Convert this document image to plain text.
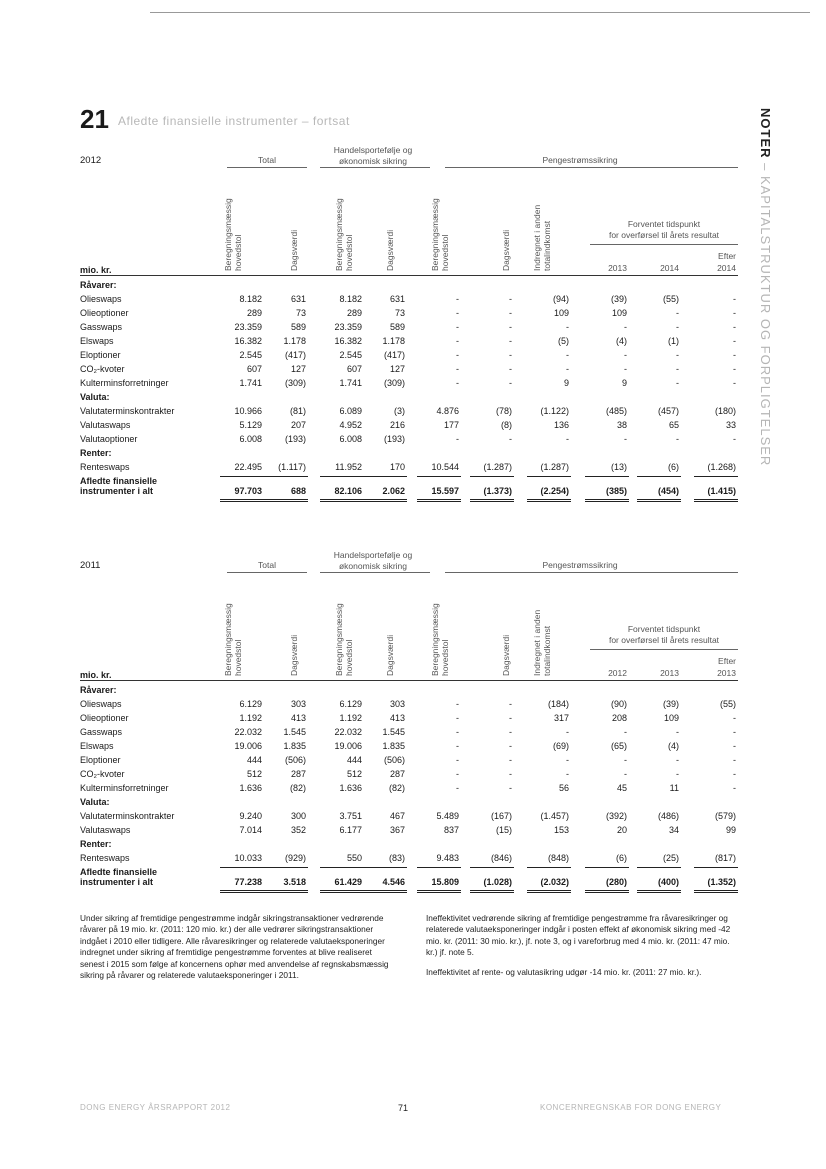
21 Afledte finansielle instrumenter – fortsat	NOTER – KAPITALSTRUKTUR OG FORPLIGTELSER
2012	Total
Handelsportefølje og
økonomisk sikring	Pengestrømssikring
Beregningsmæssig
hovedstol	Dagsværdi	Beregningsmæssig
hovedstol	Dagsværdi	Beregningsmæssig
hovedstol	Dagsværdi Indregnet i anden
totalindkomst	Forventet tidspunkt
for overførsel til årets resultat
Efter
mio. kr.	2013	2014	2014
Råvarer:
Olieswaps	8.182	631	8.182	631	-	-	(94)	(39)	(55)	-
Olieoptioner	289	73	289	73	-	-	109	109	-	-
Gasswaps	23.359	589	23.359	589	-	-	-	-	-	-
Elswaps	16.382 1.178	16.382 1.178	-	-	(5)	(4)	(1)	-
Eloptioner	2.545	(417)	2.545 (417)	-	-	-	-	-	-
CO₂-kvoter	607	127	607	127	-	-	-	-	-	-
Kulterminsforretninger	1.741	(309)	1.741 (309)	-	-	9	9	-	-
Valuta:
Valutaterminskontrakter	10.966	(81)	6.089	(3)	4.876	(78)	(1.122)	(485)	(457)	(180)
Valutaswaps	5.129	207	4.952	216	177	(8)	136	38	65	33
Valutaoptioner	6.008	(193)	6.008 (193)	-	-	-	-	-	-
Renter:
Renteswaps	22.495 (1.117)	11.952	170	10.544	(1.287)	(1.287)	(13)	(6)	(1.268)
Afledte finansielle
instrumenter i alt	97.703	688	82.106 2.062	15.597	(1.373)	(2.254)	(385)	(454)	(1.415)
2011	Total
Handelsportefølje og
økonomisk sikring	Pengestrømssikring
Beregningsmæssig
hovedstol	Dagsværdi	Beregningsmæssig
hovedstol	Dagsværdi	Beregningsmæssig
hovedstol	Dagsværdi Indregnet i anden
totalindkomst	Forventet tidspunkt
for overførsel til årets resultat
Efter
mio. kr.	2012	2013	2013
Råvarer:
Olieswaps	6.129	303	6.129	303	-	-	(184)	(90)	(39)	(55)
Olieoptioner	1.192	413	1.192	413	-	-	317	208	109	-
Gasswaps	22.032 1.545	22.032 1.545	-	-	-	-	-	-
Elswaps	19.006 1.835	19.006 1.835	-	-	(69)	(65)	(4)	-
Eloptioner	444	(506)	444 (506)	-	-	-	-	-	-
CO₂-kvoter	512	287	512	287	-	-	-	-	-	-
Kulterminsforretninger	1.636	(82)	1.636	(82)	-	-	56	45	11	-
Valuta:
Valutaterminskontrakter	9.240	300	3.751	467	5.489	(167)	(1.457)	(392)	(486)	(579)
Valutaswaps	7.014	352	6.177	367	837	(15)	153	20	34	99
Renter:
Renteswaps	10.033	(929)	550	(83)	9.483	(846)	(848)	(6)	(25)	(817)
Afledte finansielle
instrumenter i alt	77.238 3.518	61.429 4.546	15.809	(1.028)	(2.032)	(280)	(400)	(1.352)
Under sikring af fremtidige pengestrømme indgår sikringstransaktioner vedrørende råvarer på 19 mio. kr. (2011: 120 mio. kr.) der alle vedrører sikringstransaktioner indgået i 2010 eller tidligere. Alle råvaresikringer og relaterede valutaeksponeringer indregnet under sikring af fremtidige pengestrømme forventes at blive realiseret senest i 2015 som følge af koncernens ophør med anvendelse af regnskabsmæssig sikring på råvarer og relaterede valutaeksponeringer i 2011.
Ineffektivitet vedrørende sikring af fremtidige pengestrømme fra råvaresikringer og relaterede valutaeksponeringer indgår i posten effekt af økonomisk sikring med -42 mio. kr. (2011: 30 mio. kr.), jf. note 3, og i vareforbrug med 4 mio. kr. (2011: 47 mio. kr.) jf. note 5.
Ineffektivitet af rente- og valutasikring udgør -14 mio. kr. (2011: 27 mio. kr.).
DONG ENERGY ÅRSRAPPORT 2012	71	KONCERNREGNSKAB FOR DONG ENERGY
